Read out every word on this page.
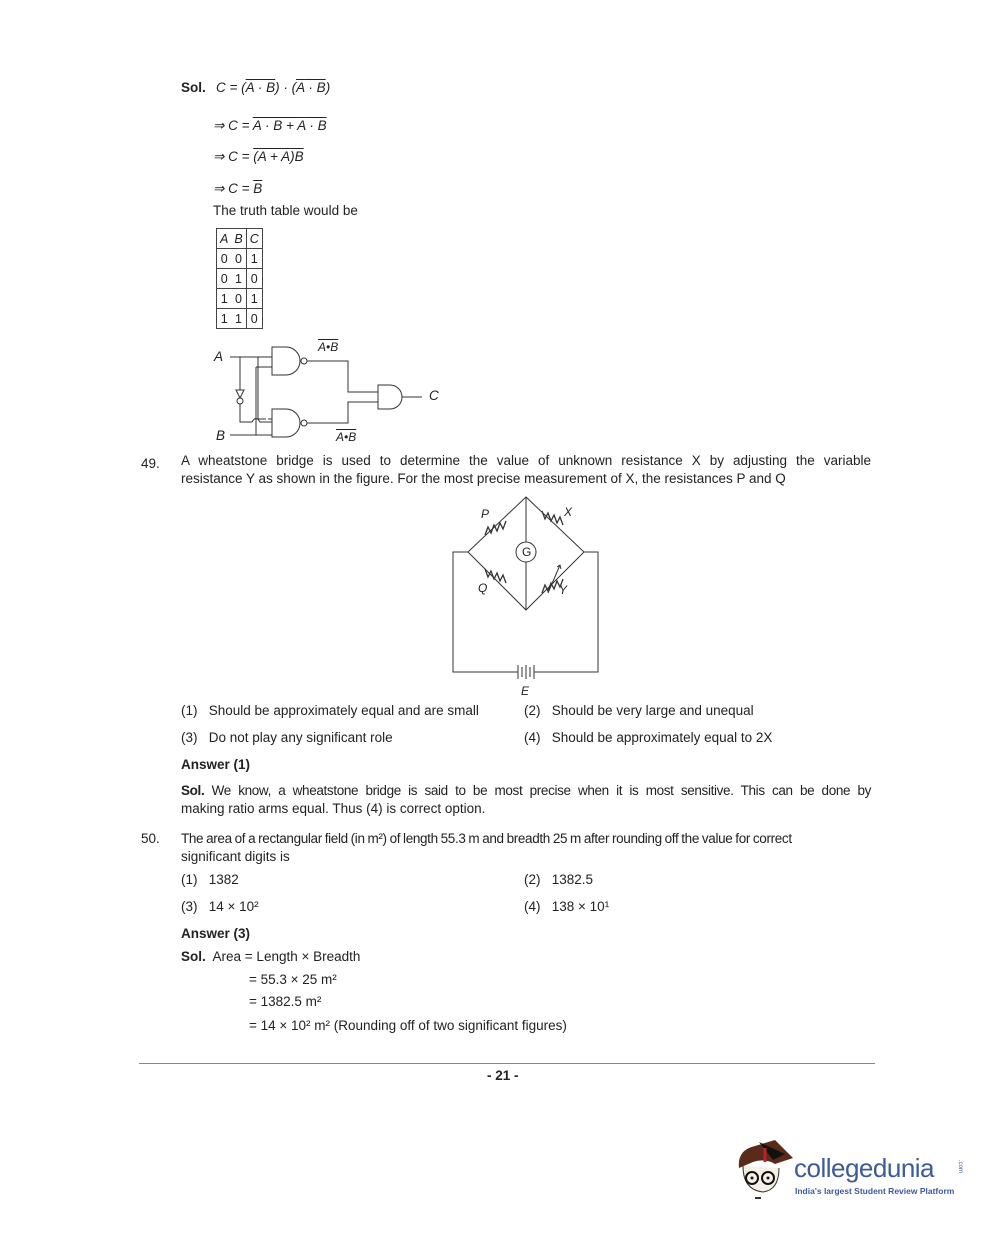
Sol. C = (A · B) · (A · B)
⇒ C = A · B + A · B
⇒ C = (A + A)B
⇒ $C = \overline{B}$
The truth table would be
A	B	C
0	0	1
0	1	0
1	0	1
1	1	0
A
B
C
A•B
A•B
49. A wheatstone bridge is used to determine the value of unknown resistance X by adjusting the variable
resistance Y as shown in the figure. For the most precise measurement of X, the resistances P and Q
P	X
Q	Y
G
E
(1) Should be approximately equal and are small	(2) Should be very large and unequal
(3) Do not play any significant role	(4) Should be approximately equal to 2X
Answer (1)
Sol. We know, a wheatstone bridge is said to be most precise when it is most sensitive. This can be done by
making ratio arms equal. Thus (4) is correct option.
50. The area of a rectangular field (in m²) of length 55.3 m and breadth 25 m after rounding off the value for correct
significant digits is
(1) 1382	(2) 1382.5
(3) 14 × 10²	(4) 138 × 10¹
Answer (3)
Sol. Area = Length × Breadth
= 55.3 × 25 m²
= 1382.5 m²
= 14 × 10² m² (Rounding off of two significant figures)
- 21 -
collegedunia	.com
India's largest Student Review Platform
